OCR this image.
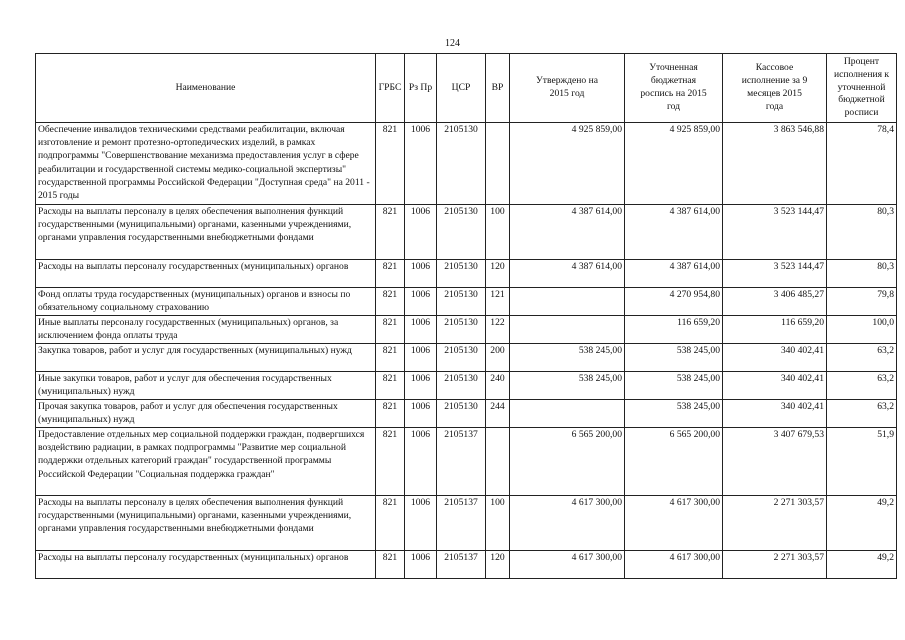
124
Наименование	ГРБС	Рз Пр	ЦСР	ВР	Утверждено на 2015 год	Уточненная бюджетная роспись на 2015 год	Кассовое исполнение за 9 месяцев 2015 года	Процент исполнения к уточненной бюджетной росписи

Обеспечение инвалидов техническими средствами реабилитации, включая изготовление и ремонт протезно-ортопедических изделий, в рамках подпрограммы "Совершенствование механизма предоставления услуг в сфере реабилитации и государственной системы медико-социальной экспертизы" государственной программы Российской Федерации "Доступная среда" на 2011 - 2015 годы	821	1006	2105130		4 925 859,00	4 925 859,00	3 863 546,88	78,4
Расходы на выплаты персоналу в целях обеспечения выполнения функций государственными (муниципальными) органами, казенными учреждениями, органами управления государственными внебюджетными фондами	821	1006	2105130	100	4 387 614,00	4 387 614,00	3 523 144,47	80,3
Расходы на выплаты персоналу государственных (муниципальных) органов	821	1006	2105130	120	4 387 614,00	4 387 614,00	3 523 144,47	80,3
Фонд оплаты труда государственных (муниципальных) органов и взносы по обязательному социальному страхованию	821	1006	2105130	121		4 270 954,80	3 406 485,27	79,8
Иные выплаты персоналу государственных (муниципальных) органов, за исключением фонда оплаты труда	821	1006	2105130	122		116 659,20	116 659,20	100,0
Закупка товаров, работ и услуг для государственных (муниципальных) нужд	821	1006	2105130	200	538 245,00	538 245,00	340 402,41	63,2
Иные закупки товаров, работ и услуг для обеспечения государственных (муниципальных) нужд	821	1006	2105130	240	538 245,00	538 245,00	340 402,41	63,2
Прочая закупка товаров, работ и услуг для обеспечения государственных (муниципальных) нужд	821	1006	2105130	244		538 245,00	340 402,41	63,2
Предоставление отдельных мер социальной поддержки граждан, подвергшихся воздействию радиации, в рамках подпрограммы "Развитие мер социальной поддержки отдельных категорий граждан" государственной программы Российской Федерации "Социальная поддержка граждан"	821	1006	2105137		6 565 200,00	6 565 200,00	3 407 679,53	51,9
Расходы на выплаты персоналу в целях обеспечения выполнения функций государственными (муниципальными) органами, казенными учреждениями, органами управления государственными внебюджетными фондами	821	1006	2105137	100	4 617 300,00	4 617 300,00	2 271 303,57	49,2
Расходы на выплаты персоналу государственных (муниципальных) органов	821	1006	2105137	120	4 617 300,00	4 617 300,00	2 271 303,57	49,2
